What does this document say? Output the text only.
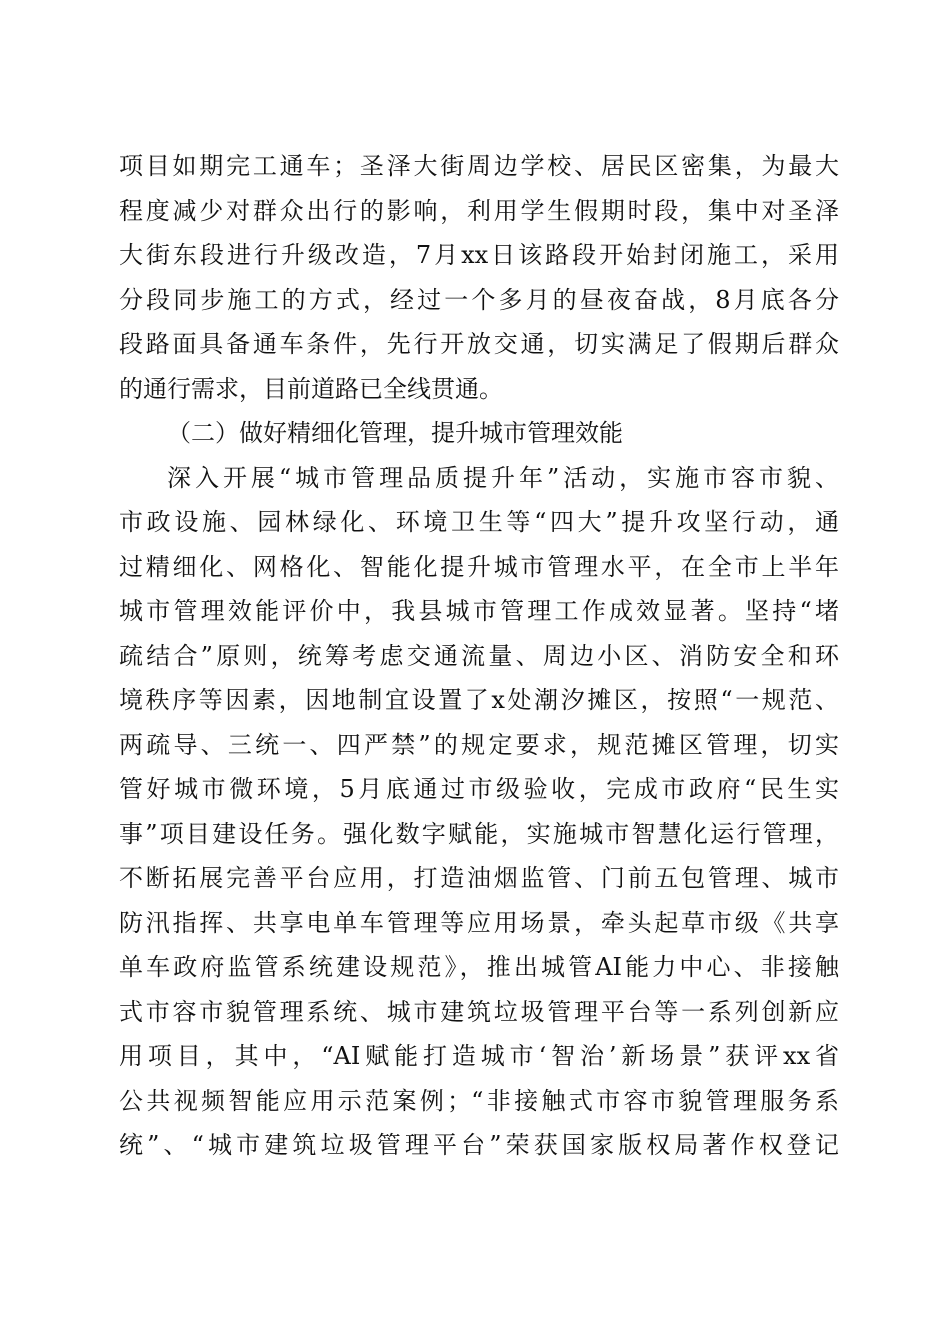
项目如期完工通车；圣泽大街周边学校、居民区密集，为最大
程度减少对群众出行的影响，利用学生假期时段，集中对圣泽
大街东段进行升级改造，7月xx日该路段开始封闭施工，采用
分段同步施工的方式，经过一个多月的昼夜奋战，8月底各分
段路面具备通车条件，先行开放交通，切实满足了假期后群众
的通行需求，目前道路已全线贯通。
（二）做好精细化管理，提升城市管理效能
深入开展“城市管理品质提升年”活动，实施市容市貌、
市政设施、园林绿化、环境卫生等“四大”提升攻坚行动，通
过精细化、网格化、智能化提升城市管理水平，在全市上半年
城市管理效能评价中，我县城市管理工作成效显著。坚持“堵
疏结合”原则，统筹考虑交通流量、周边小区、消防安全和环
境秩序等因素，因地制宜设置了x处潮汐摊区，按照“一规范、
两疏导、三统一、四严禁”的规定要求，规范摊区管理，切实
管好城市微环境，5月底通过市级验收，完成市政府“民生实
事”项目建设任务。强化数字赋能，实施城市智慧化运行管理，
不断拓展完善平台应用，打造油烟监管、门前五包管理、城市
防汛指挥、共享电单车管理等应用场景，牵头起草市级《共享
单车政府监管系统建设规范》，推出城管AI能力中心、非接触
式市容市貌管理系统、城市建筑垃圾管理平台等一系列创新应
用项目，其中，“AI赋能打造城市‘智治’新场景”获评xx省
公共视频智能应用示范案例；“非接触式市容市貌管理服务系
统”、“城市建筑垃圾管理平台”荣获国家版权局著作权登记
